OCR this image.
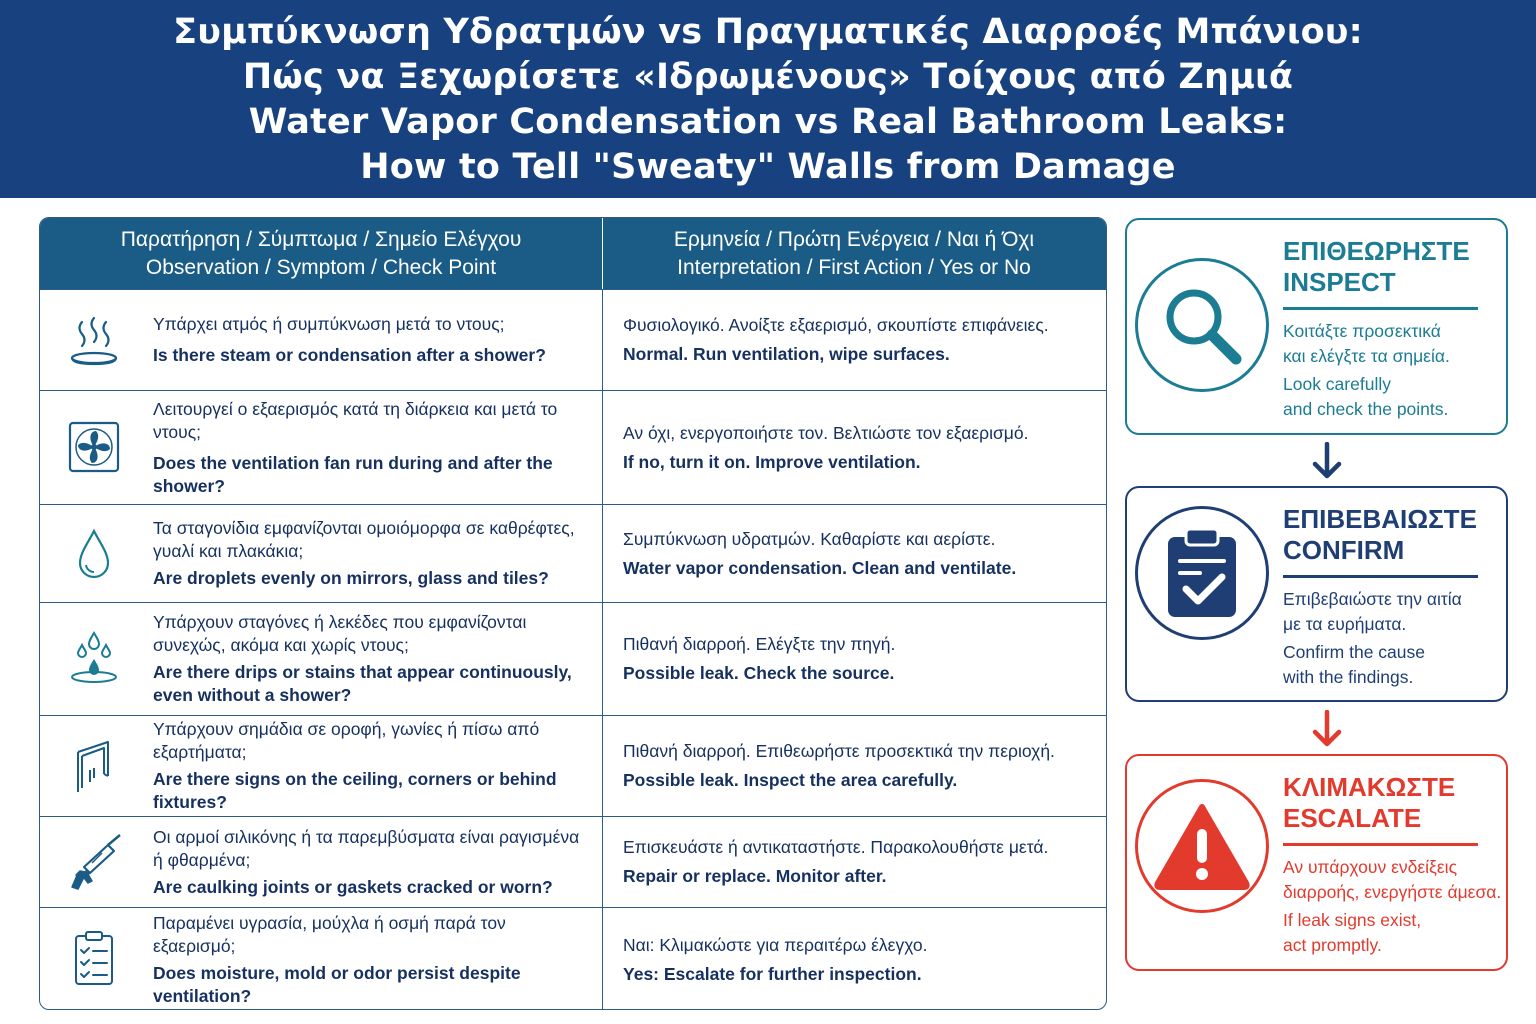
Συμπύκνωση Υδρατμών vs Πραγματικές Διαρροές Μπάνιου:
Πώς να Ξεχωρίσετε «Ιδρωμένους» Τοίχους από Ζημιά
Water Vapor Condensation vs Real Bathroom Leaks:
How to Tell "Sweaty" Walls from Damage
Παρατήρηση / Σύμπτωμα / Σημείο Ελέγχου
Observation / Symptom / Check Point
Ερμηνεία / Πρώτη Ενέργεια / Ναι ή Όχι
Interpretation / First Action / Yes or No
Υπάρχει ατμός ή συμπύκνωση μετά το ντους;
Is there steam or condensation after a shower?
Φυσιολογικό. Ανοίξτε εξαερισμό, σκουπίστε επιφάνειες.
Normal. Run ventilation, wipe surfaces.
Λειτουργεί ο εξαερισμός κατά τη διάρκεια και μετά το ντους;
Does the ventilation fan run during and after the shower?
Αν όχι, ενεργοποιήστε τον. Βελτιώστε τον εξαερισμό.
If no, turn it on. Improve ventilation.
Τα σταγονίδια εμφανίζονται ομοιόμορφα σε καθρέφτες, γυαλί και πλακάκια;
Are droplets evenly on mirrors, glass and tiles?
Συμπύκνωση υδρατμών. Καθαρίστε και αερίστε.
Water vapor condensation. Clean and ventilate.
Υπάρχουν σταγόνες ή λεκέδες που εμφανίζονται συνεχώς, ακόμα και χωρίς ντους;
Are there drips or stains that appear continuously, even without a shower?
Πιθανή διαρροή. Ελέγξτε την πηγή.
Possible leak. Check the source.
Υπάρχουν σημάδια σε οροφή, γωνίες ή πίσω από εξαρτήματα;
Are there signs on the ceiling, corners or behind fixtures?
Πιθανή διαρροή. Επιθεωρήστε προσεκτικά την περιοχή.
Possible leak. Inspect the area carefully.
Οι αρμοί σιλικόνης ή τα παρεμβύσματα είναι ραγισμένα ή φθαρμένα;
Are caulking joints or gaskets cracked or worn?
Επισκευάστε ή αντικαταστήστε. Παρακολουθήστε μετά.
Repair or replace. Monitor after.
Παραμένει υγρασία, μούχλα ή οσμή παρά τον εξαερισμό;
Does moisture, mold or odor persist despite ventilation?
Ναι: Κλιμακώστε για περαιτέρω έλεγχο.
Yes: Escalate for further inspection.
ΕΠΙΘΕΩΡΗΣΤΕ
INSPECT
Κοιτάξτε προσεκτικά
και ελέγξτε τα σημεία.
Look carefully
and check the points.
ΕΠΙΒΕΒΑΙΩΣΤΕ
CONFIRM
Επιβεβαιώστε την αιτία
με τα ευρήματα.
Confirm the cause
with the findings.
ΚΛΙΜΑΚΩΣΤΕ
ESCALATE
Αν υπάρχουν ενδείξεις
διαρροής, ενεργήστε άμεσα.
If leak signs exist,
act promptly.
